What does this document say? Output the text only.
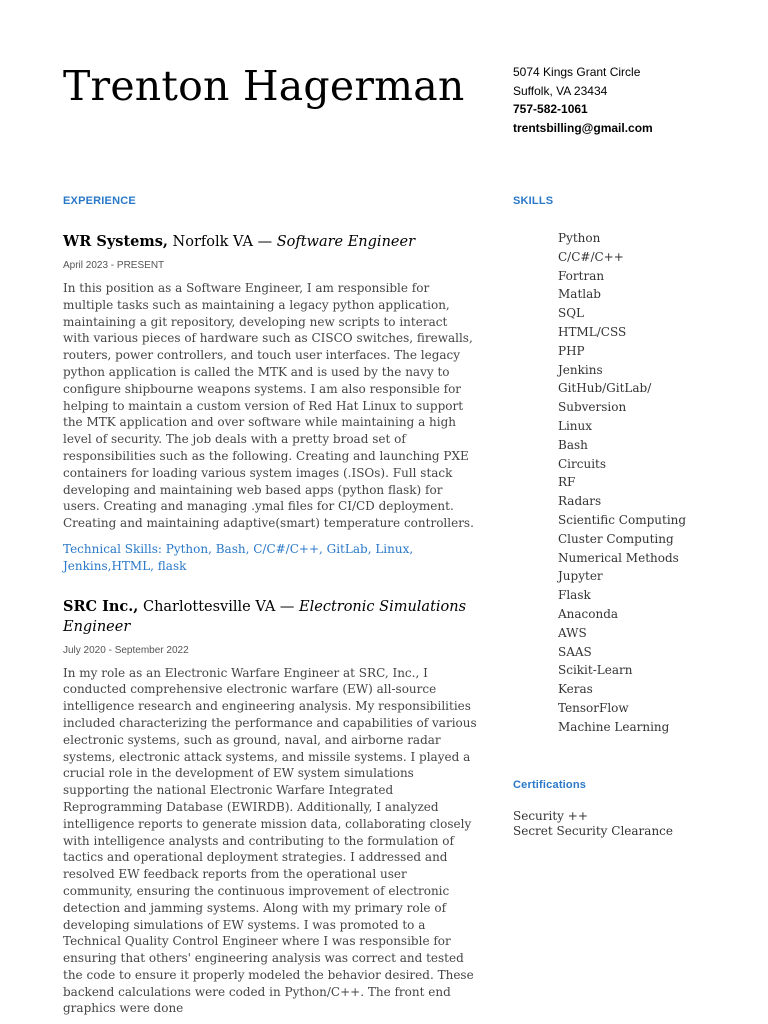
Trenton Hagerman	5074 Kings Grant Circle
Suffolk, VA 23434
757-582-1061
trentsbilling@gmail.com
EXPERIENCE
WR Systems, Norfolk VA — Software Engineer
April 2023 - PRESENT
In this position as a Software Engineer, I am responsible for multiple tasks such as maintaining a legacy python application, maintaining a git repository, developing new scripts to interact with various pieces of hardware such as CISCO switches, firewalls, routers, power controllers, and touch user interfaces. The legacy python application is called the MTK and is used by the navy to configure shipbourne weapons systems. I am also responsible for helping to maintain a custom version of Red Hat Linux to support the MTK application and over software while maintaining a high level of security. The job deals with a pretty broad set of responsibilities such as the following. Creating and launching PXE containers for loading various system images (.ISOs). Full stack developing and maintaining web based apps (python flask) for users. Creating and managing .ymal files for CI/CD deployment. Creating and maintaining adaptive(smart) temperature controllers.
Technical Skills: Python, Bash, C/C#/C++, GitLab, Linux, Jenkins,HTML, flask
SRC Inc., Charlottesville VA — Electronic Simulations Engineer
July 2020 - September 2022
In my role as an Electronic Warfare Engineer at SRC, Inc., I conducted comprehensive electronic warfare (EW) all-source intelligence research and engineering analysis. My responsibilities included characterizing the performance and capabilities of various electronic systems, such as ground, naval, and airborne radar systems, electronic attack systems, and missile systems. I played a crucial role in the development of EW system simulations supporting the national Electronic Warfare Integrated Reprogramming Database (EWIRDB). Additionally, I analyzed intelligence reports to generate mission data, collaborating closely with intelligence analysts and contributing to the formulation of tactics and operational deployment strategies. I addressed and resolved EW feedback reports from the operational user community, ensuring the continuous improvement of electronic detection and jamming systems. Along with my primary role of developing simulations of EW systems. I was promoted to a Technical Quality Control Engineer where I was responsible for ensuring that others' engineering analysis was correct and tested the code to ensure it properly modeled the behavior desired. These backend calculations were coded in Python/C++. The front end graphics were done
SKILLS
Python
C/C#/C++
Fortran
Matlab
SQL
HTML/CSS
PHP
Jenkins
GitHub/GitLab/ Subversion
Linux
Bash
Circuits
RF
Radars
Scientific Computing
Cluster Computing
Numerical Methods
Jupyter
Flask
Anaconda
AWS
SAAS
Scikit-Learn
Keras
TensorFlow
Machine Learning
Certifications
Security ++
Secret Security Clearance
